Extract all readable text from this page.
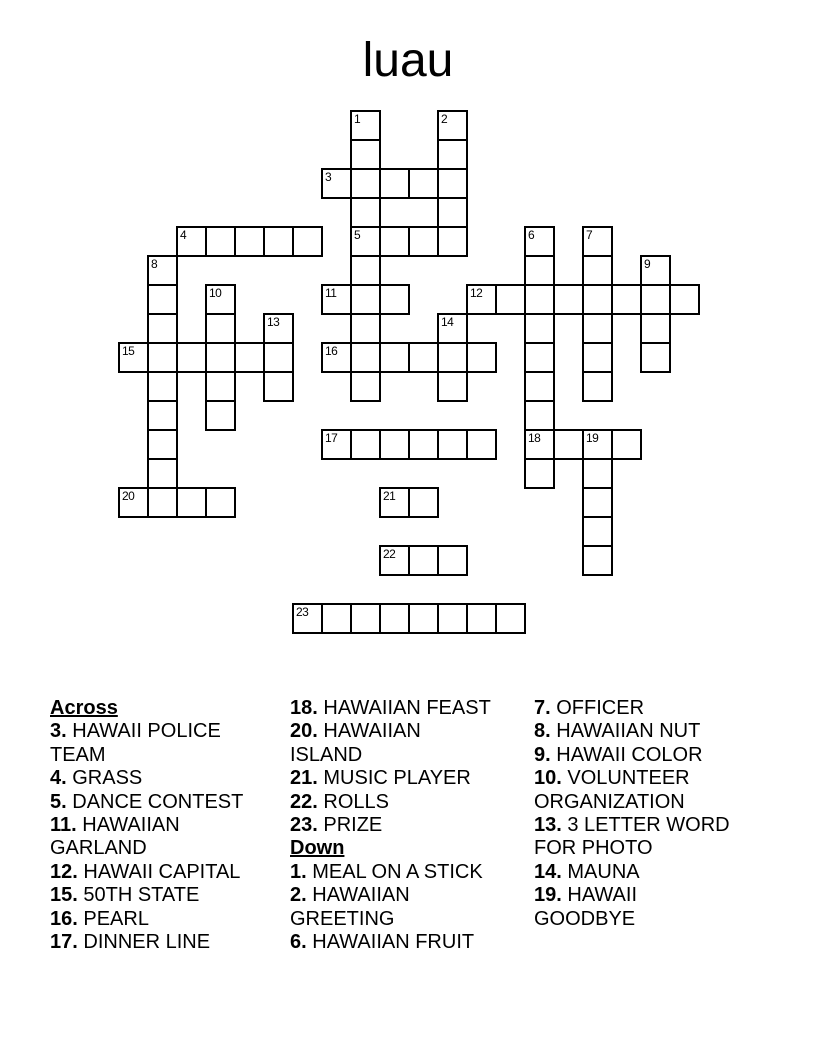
luau
1
5
2
3
4	6
18
7
8	9
10	11	12
13	14
15	16
17	19
20	21
22
23

Across

3. HAWAII POLICE TEAM

4. GRASS

5. DANCE CONTEST

11. HAWAIIAN GARLAND

12. HAWAII CAPITAL

15. 50TH STATE

16. PEARL

17. DINNER LINE

18. HAWAIIAN FEAST

20. HAWAIIAN ISLAND

21. MUSIC PLAYER

22. ROLLS

23. PRIZE

Down

1. MEAL ON A STICK

2. HAWAIIAN GREETING

6. HAWAIIAN FRUIT

7. OFFICER

8. HAWAIIAN NUT

9. HAWAII COLOR

10. VOLUNTEER ORGANIZATION

13. 3 LETTER WORD FOR PHOTO

14. MAUNA

19. HAWAII GOODBYE
